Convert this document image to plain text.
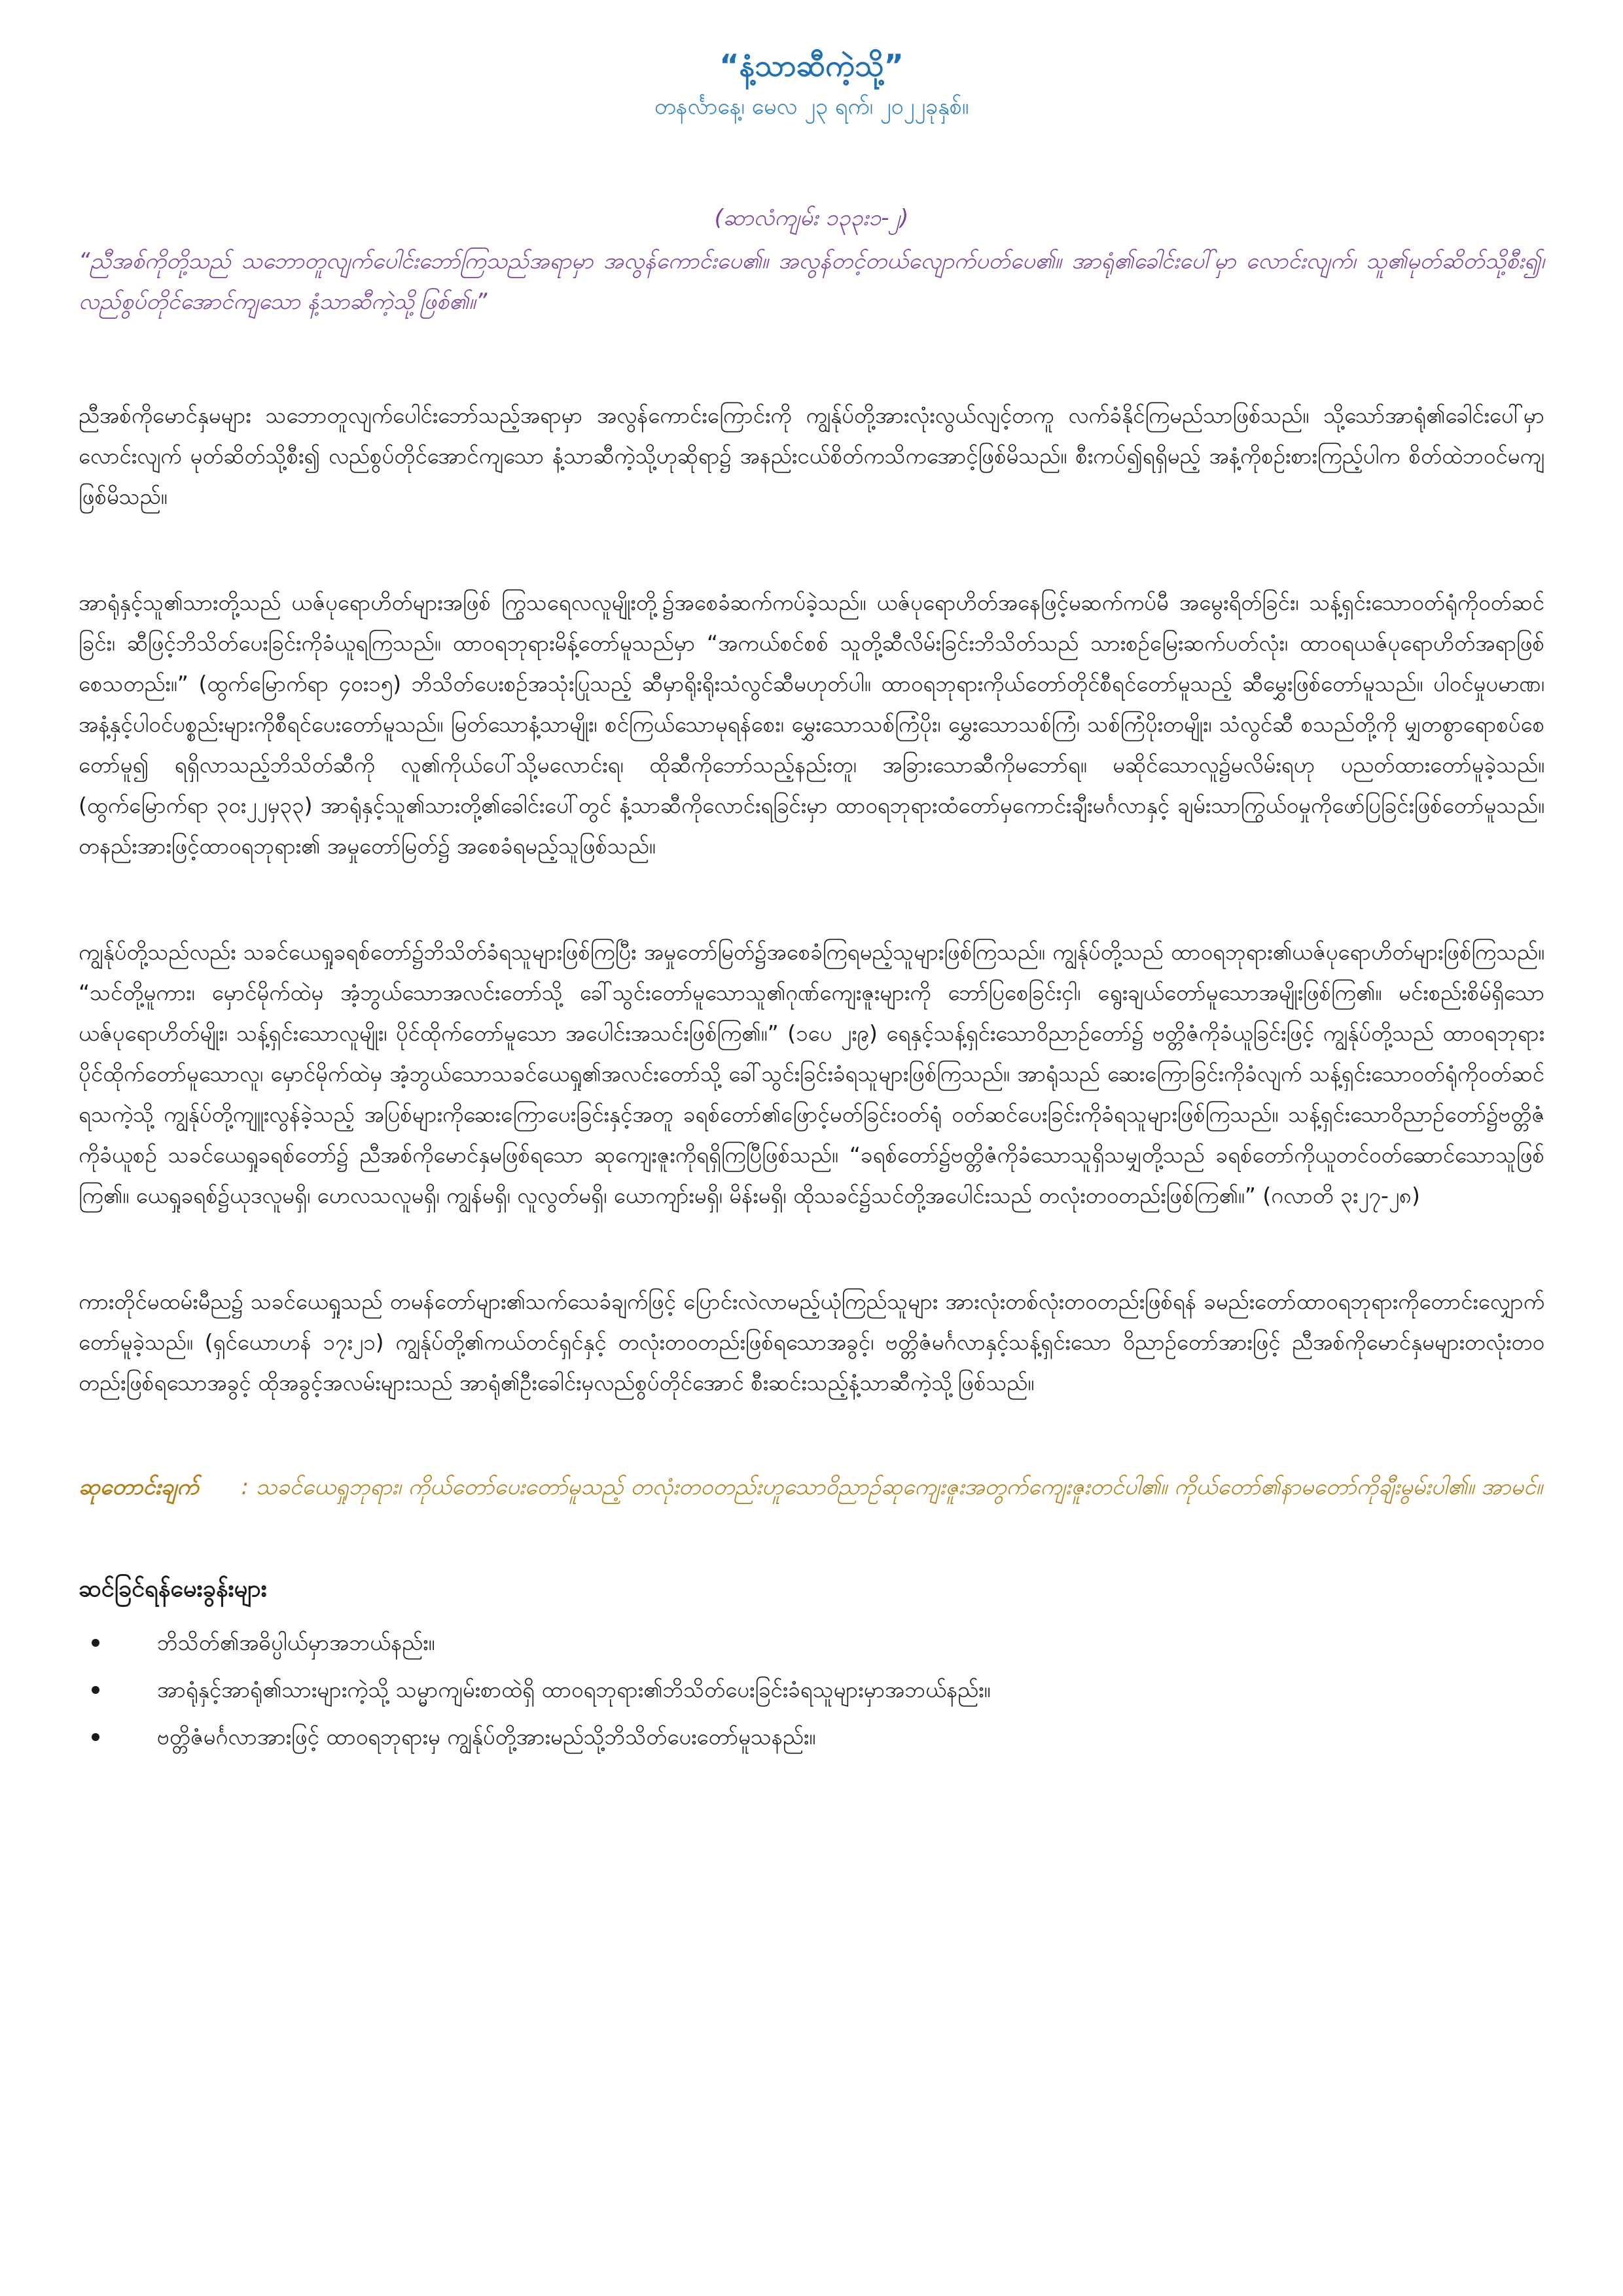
“နံ့သာဆီကဲ့သို့”

တနင်္လာနေ့၊ မေလ ၂၃ ရက်၊ ၂၀၂၂ခုနှစ်။

(ဆာလံကျမ်း ၁၃၃း၁-၂)

“ညီအစ်ကိုတို့သည် သဘောတူလျက်ပေါင်းဘော်ကြသည်အရာမှာ အလွန်ကောင်းပေ၏။ အလွန်တင့်တယ်လျောက်ပတ်ပေ၏။ အာရုံ၏ခေါင်းပေါ်မှာ လောင်းလျက်၊ သူ၏မုတ်ဆိတ်သို့စီး၍၊ လည်စွပ်တိုင်အောင်ကျသော နံ့သာဆီကဲ့သို့ဖြစ်၏။”

ညီအစ်ကိုမောင်နှမများ သဘောတူလျက်ပေါင်းဘော်သည့်အရာမှာ အလွန်ကောင်းကြောင်းကို ကျွန်ုပ်တို့အားလုံးလွယ်လျင့်တကူ လက်ခံနိုင်ကြမည်သာဖြစ်သည်။ သို့သော်အာရုံ၏ခေါင်းပေါ်မှာလောင်းလျက် မုတ်ဆိတ်သို့စီး၍ လည်စွပ်တိုင်အောင်ကျသော နံ့သာဆီကဲ့သို့ဟုဆိုရာ၌ အနည်းငယ်စိတ်ကသိကအောင့်ဖြစ်မိသည်။ စီးကပ်၍ရရှိမည့် အနံ့ကိုစဉ်းစားကြည့်ပါက စိတ်ထဲဘဝင်မကျဖြစ်မိသည်။

အာရုံနှင့်သူ၏သားတို့သည် ယဇ်ပုရောဟိတ်များအဖြစ် ကြွသရေလလူမျိုးတို့၌အစေခံဆက်ကပ်ခဲ့သည်။ ယဇ်ပုရောဟိတ်အနေဖြင့်မဆက်ကပ်မီ အမွေးရိတ်ခြင်း၊ သန့်ရှင်းသောဝတ်ရုံကိုဝတ်ဆင်ခြင်း၊ ဆီဖြင့်ဘိသိတ်ပေးခြင်းကိုခံယူရကြသည်။ ထာဝရဘုရားမိန့်တော်မူသည်မှာ “အကယ်စင်စစ် သူတို့ဆီလိမ်းခြင်းဘိသိတ်သည် သားစဉ်မြေးဆက်ပတ်လုံး၊ ထာဝရယဇ်ပုရောဟိတ်အရာဖြစ်စေသတည်း။” (ထွက်မြောက်ရာ ၄၀း၁၅) ဘိသိတ်ပေးစဉ်အသုံးပြုသည့် ဆီမှာရိုးရိုးသံလွင်ဆီမဟုတ်ပါ။ ထာဝရဘုရားကိုယ်တော်တိုင်စီရင်တော်မူသည့် ဆီမွှေးဖြစ်တော်မူသည်။ ပါဝင်မှုပမာဏ၊ အနံ့နှင့်ပါဝင်ပစ္စည်းများကိုစီရင်ပေးတော်မူသည်။ မြတ်သောနံ့သာမျိုး၊ စင်ကြယ်သောမုရန်စေး၊ မွှေးသောသစ်ကြံပိုး၊ မွှေးသောသစ်ကြံ၊ သစ်ကြံပိုးတမျိုး၊ သံလွင်ဆီ စသည်တို့ကို မျှတစွာရောစပ်စေတော်မူ၍ ရရှိလာသည့်ဘိသိတ်ဆီကို လူ၏ကိုယ်ပေါ်သို့မလောင်းရ၊ ထိုဆီကိုဘော်သည့်နည်းတူ၊ အခြားသောဆီကိုမဘော်ရ။ မဆိုင်သောလူ၌မလိမ်းရဟု ပညတ်ထားတော်မူခဲ့သည်။ (ထွက်မြောက်ရာ ၃၀း၂၂မှ၃၃) အာရုံနှင့်သူ၏သားတို့၏ခေါင်းပေါ်တွင် နံ့သာဆီကိုလောင်းရခြင်းမှာ ထာဝရဘုရားထံတော်မှကောင်းချီးမင်္ဂလာနှင့် ချမ်းသာကြွယ်ဝမှုကိုဖော်ပြခြင်းဖြစ်တော်မူသည်။ တနည်းအားဖြင့်ထာဝရဘုရား၏ အမှုတော်မြတ်၌ အစေခံရမည့်သူဖြစ်သည်။

ကျွန်ုပ်တို့သည်လည်း သခင်ယေရှုခရစ်တော်၌ဘိသိတ်ခံရသူများဖြစ်ကြပြီး အမှုတော်မြတ်၌အစေခံကြရမည့်သူများဖြစ်ကြသည်။ ကျွန်ုပ်တို့သည် ထာဝရဘုရား၏ယဇ်ပုရောဟိတ်များဖြစ်ကြသည်။ “သင်တို့မူကား၊ မှောင်မိုက်ထဲမှ အံ့ဘွယ်သောအလင်းတော်သို့ ခေါ်သွင်းတော်မူသောသူ၏ဂုဏ်ကျေးဇူးများကို ဘော်ပြစေခြင်းငှါ၊ ရွေးချယ်တော်မူသောအမျိုးဖြစ်ကြ၏။ မင်းစည်းစိမ်ရှိသောယဇ်ပုရောဟိတ်မျိုး၊ သန့်ရှင်းသောလူမျိုး၊ ပိုင်ထိုက်တော်မူသော အပေါင်းအသင်းဖြစ်ကြ၏။” (၁ပေ ၂း၉) ရေနှင့်သန့်ရှင်းသောဝိညာဉ်တော်၌ ဗတ္တိဇံကိုခံယူခြင်းဖြင့် ကျွန်ုပ်တို့သည် ထာဝရဘုရားပိုင်ထိုက်တော်မူသောလူ၊ မှောင်မိုက်ထဲမှ အံ့ဘွယ်သောသခင်ယေရှု၏အလင်းတော်သို့ ခေါ်သွင်းခြင်းခံရသူများဖြစ်ကြသည်။ အာရုံသည် ဆေးကြောခြင်းကိုခံလျက် သန့်ရှင်းသောဝတ်ရုံကိုဝတ်ဆင်ရသကဲ့သို့ ကျွန်ုပ်တို့ကျူးလွန်ခဲ့သည့် အပြစ်များကိုဆေးကြောပေးခြင်းနှင့်အတူ ခရစ်တော်၏ဖြောင့်မတ်ခြင်းဝတ်ရုံ ဝတ်ဆင်ပေးခြင်းကိုခံရသူများဖြစ်ကြသည်။ သန့်ရှင်းသောဝိညာဉ်တော်၌ဗတ္တိဇံကိုခံယူစဉ် သခင်ယေရှုခရစ်တော်၌ ညီအစ်ကိုမောင်နှမဖြစ်ရသော ဆုကျေးဇူးကိုရရှိကြပြီဖြစ်သည်။ “ခရစ်တော်၌ဗတ္တိဇံကိုခံသောသူရှိသမျှတို့သည် ခရစ်တော်ကိုယူတင်ဝတ်ဆောင်သောသူဖြစ်ကြ၏။ ယေရှုခရစ်၌ယုဒလူမရှိ၊ ဟေလသလူမရှိ၊ ကျွန်မရှိ၊ လူလွတ်မရှိ၊ ယောကျာ်းမရှိ၊ မိန်းမရှိ၊ ထိုသခင်၌သင်တို့အပေါင်းသည် တလုံးတဝတည်းဖြစ်ကြ၏။” (ဂလာတိ ၃း၂၇-၂၈)

ကားတိုင်မထမ်းမီည၌ သခင်ယေရှုသည် တမန်တော်များ၏သက်သေခံချက်ဖြင့် ပြောင်းလဲလာမည့်ယုံကြည်သူများ အားလုံးတစ်လုံးတဝတည်းဖြစ်ရန် ခမည်းတော်ထာဝရဘုရားကိုတောင်းလျှောက်တော်မူခဲ့သည်။ (ရှင်ယောဟန် ၁၇း၂၁) ကျွန်ုပ်တို့၏ကယ်တင်ရှင်နှင့် တလုံးတဝတည်းဖြစ်ရသောအခွင့်၊ ဗတ္တိဇံမင်္ဂလာနှင့်သန့်ရှင်းသော ဝိညာဉ်တော်အားဖြင့် ညီအစ်ကိုမောင်နှမများတလုံးတဝတည်းဖြစ်ရသောအခွင့် ထိုအခွင့်အလမ်းများသည် အာရုံ၏ဦးခေါင်းမှလည်စွပ်တိုင်အောင် စီးဆင်းသည့်နံ့သာဆီကဲ့သို့ဖြစ်သည်။

ဆုတောင်းချက် : သခင်ယေရှုဘုရား၊ ကိုယ်တော်ပေးတော်မူသည့် တလုံးတဝတည်းဟူသောဝိညာဉ်ဆုကျေးဇူးအတွက်ကျေးဇူးတင်ပါ၏။ ကိုယ်တော်၏နာမတော်ကိုချီးမွမ်းပါ၏။ အာမင်။

ဆင်ခြင်ရန်မေးခွန်းများ
ဘိသိတ်၏အဓိပ္ပါယ်မှာအဘယ်နည်း။
အာရုံနှင့်အာရုံ၏သားများကဲ့သို့ သမ္မာကျမ်းစာထဲရှိ ထာဝရဘုရား၏ဘိသိတ်ပေးခြင်းခံရသူများမှာအဘယ်နည်း။
ဗတ္တိဇံမင်္ဂလာအားဖြင့် ထာဝရဘုရားမှ ကျွန်ုပ်တို့အားမည်သို့ဘိသိတ်ပေးတော်မူသနည်း။
